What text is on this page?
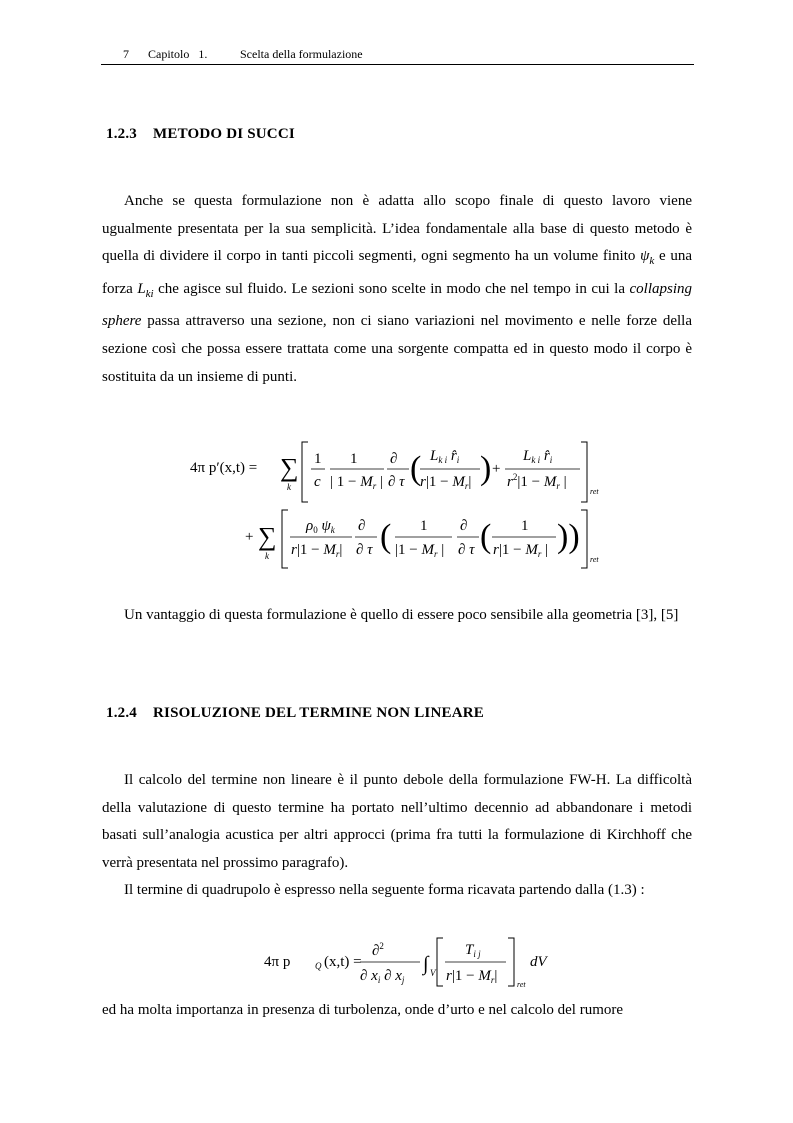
7 Capitolo   1.	Scelta della formulazione
1.2.3 METODO DI SUCCI
Anche se questa formulazione non è adatta allo scopo finale di questo lavoro viene ugualmente presentata per la sua semplicità. L’idea fondamentale alla base di questo metodo è quella di dividere il corpo in tanti piccoli segmenti, ogni segmento ha un volume finito $\psi_k$ e una forza $L_{ki}$ che agisce sul fluido. Le sezioni sono scelte in modo che nel tempo in cui la collapsing sphere passa attraverso una sezione, non ci siano variazioni nel movimento e nelle forze della sezione così che possa essere trattata come una sorgente compatta ed in questo modo il corpo è sostituita da un insieme di punti.
4π p′(x,t) = ∑
k
1
c
1
| $1 - M_r$ |
∂
∂ τ ( $L_{k i}$ $r̂_i$
$r|1 - M_r|$ ) +
$L_{k i}$ $r̂_i$
$r^2|1 - M_r$ |
ret
+ ∑
k
$\rho_0$ $\psi_k$
$r|1 - M_r|$
∂
∂ τ ( 1
$|1 - M_r$ |
∂
∂ τ ( 1
$r|1 - M_r$ | ))
ret
Un vantaggio di questa formulazione è quello di essere poco sensibile alla geometria [3], [5]
1.2.4 RISOLUZIONE DEL TERMINE NON LINEARE
Il calcolo del termine non lineare è il punto debole della formulazione FW-H. La difficoltà della valutazione di questo termine ha portato nell’ultimo decennio ad abbandonare i metodi basati sull’analogia acustica per altri approcci (prima fra tutti la formulazione di Kirchhoff che verrà presentata nel prossimo paragrafo).
Il termine di quadrupolo è espresso nella seguente forma ricavata partendo dalla (1.3) :
4π p	Q (x,t) =
∂$^2$
∂ $x_i$ ∂ $x_j$
∫ V
$T_{i j}$
$r|1 - M_r|$
ret
dV
ed ha molta importanza in presenza di turbolenza, onde d’urto e nel calcolo del rumore
